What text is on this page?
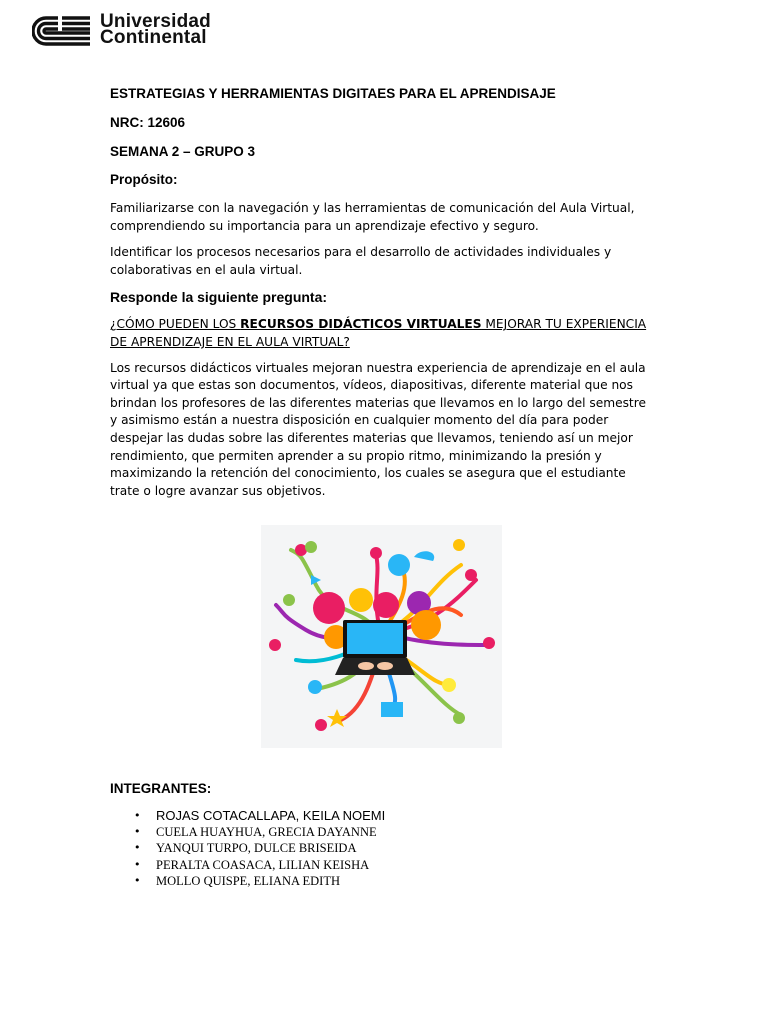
Universidad
Continental

ESTRATEGIAS Y HERRAMIENTAS DIGITAES PARA EL APRENDISAJE

NRC: 12606

SEMANA 2 – GRUPO 3

Propósito:

Familiarizarse con la navegación y las herramientas de comunicación del Aula Virtual, comprendiendo su importancia para un aprendizaje efectivo y seguro.

Identificar los procesos necesarios para el desarrollo de actividades individuales y colaborativas en el aula virtual.

Responde la siguiente pregunta:

¿CÓMO PUEDEN LOS RECURSOS DIDÁCTICOS VIRTUALES MEJORAR TU EXPERIENCIA DE APRENDIZAJE EN EL AULA VIRTUAL?

Los recursos didácticos virtuales mejoran nuestra experiencia de aprendizaje en el aula virtual ya que estas son documentos, vídeos, diapositivas, diferente material que nos brindan los profesores de las diferentes materias que llevamos en lo largo del semestre

y asimismo están a nuestra disposición en cualquier momento del día para poder despejar las dudas sobre las diferentes materias que llevamos, teniendo así un mejor rendimiento, que permiten aprender a su propio ritmo, minimizando la presión y maximizando la retención del conocimiento, los cuales se asegura que el estudiante trate o logre avanzar sus objetivos.

INTEGRANTES:

• ROJAS COTACALLAPA, KEILA NOEMI
• CUELA HUAYHUA, GRECIA DAYANNE
• YANQUI TURPO, DULCE BRISEIDA
• PERALTA COASACA, LILIAN KEISHA
• MOLLO QUISPE, ELIANA EDITH
